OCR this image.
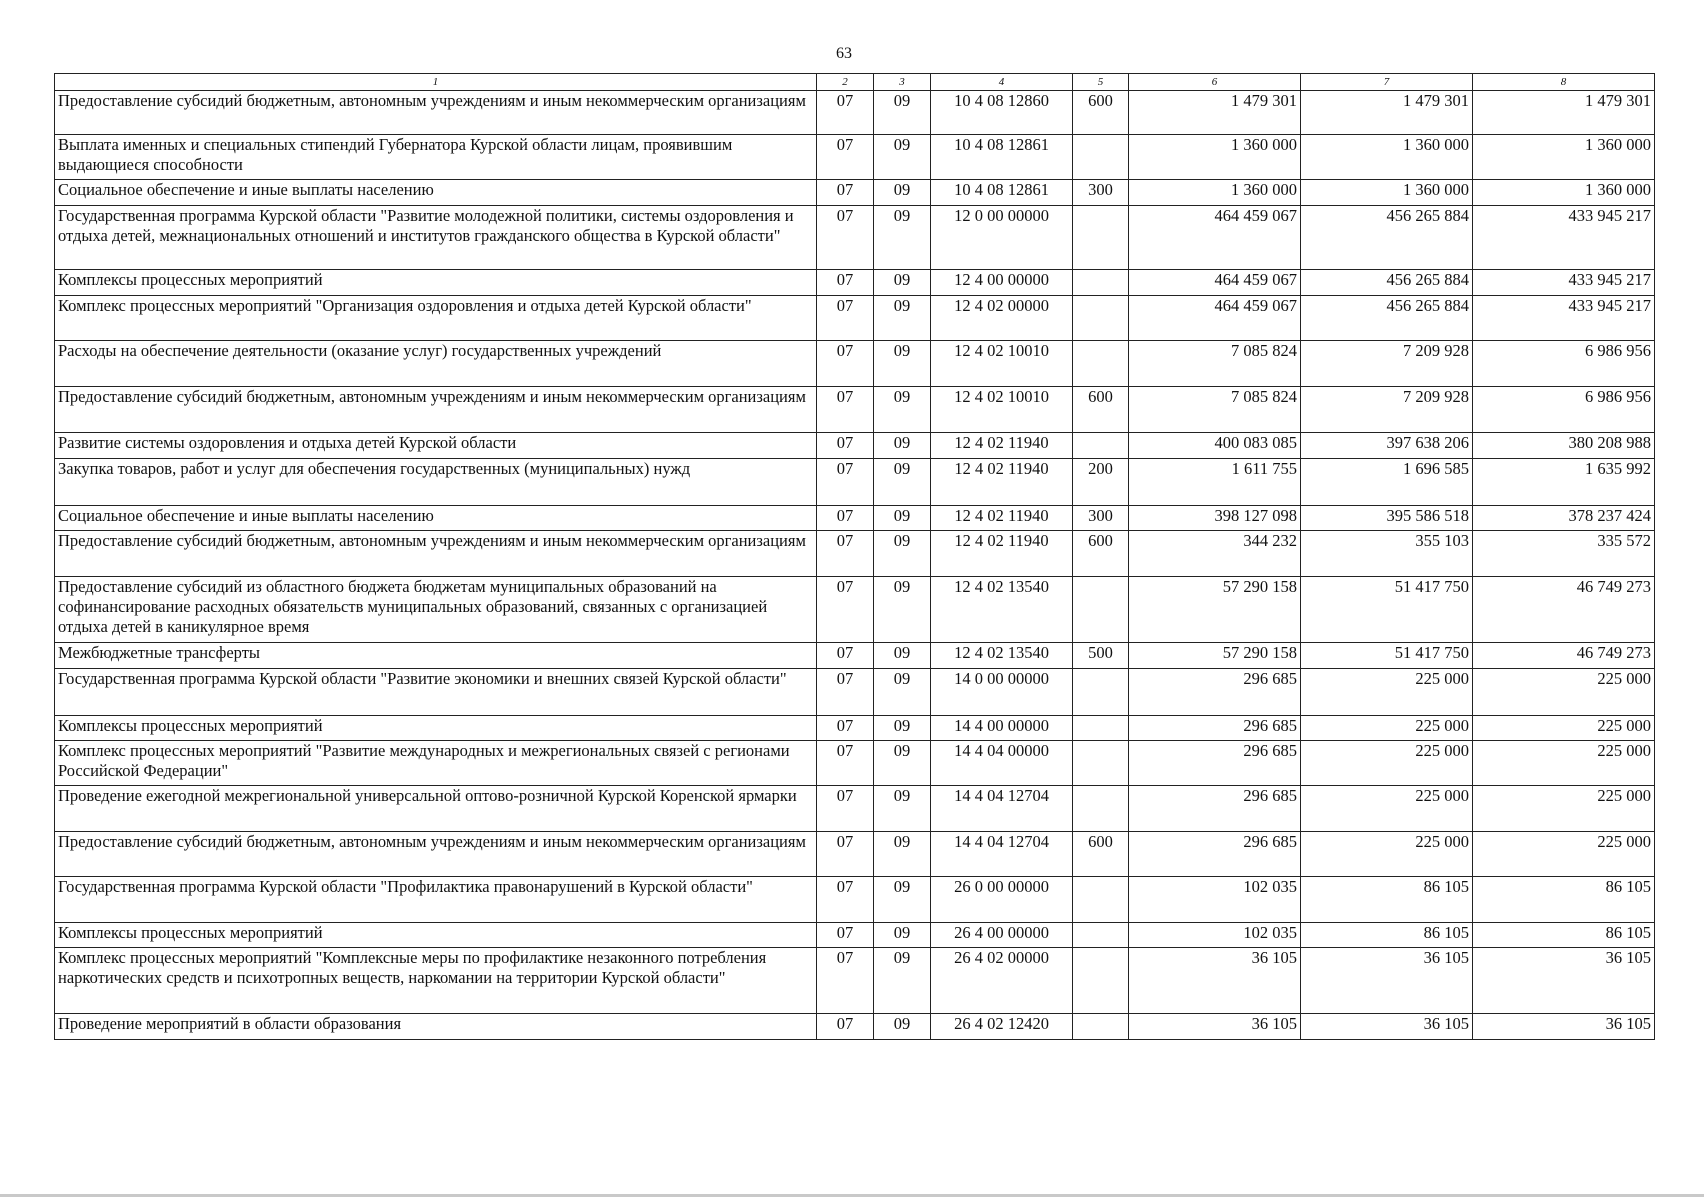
63
1	2	3	4	5	6	7	8
Предоставление субсидий бюджетным, автономным учреждениям и иным некоммерческим организациям	07	09	10 4 08 12860	600	1 479 301	1 479 301	1 479 301
Выплата именных и специальных стипендий Губернатора Курской области лицам, проявившим выдающиеся способности	07	09	10 4 08 12861		1 360 000	1 360 000	1 360 000
Социальное обеспечение и иные выплаты населению	07	09	10 4 08 12861	300	1 360 000	1 360 000	1 360 000
Государственная программа Курской области "Развитие молодежной политики, системы оздоровления и отдыха детей, межнациональных отношений и институтов гражданского общества в Курской области"	07	09	12 0 00 00000		464 459 067	456 265 884	433 945 217
Комплексы процессных мероприятий	07	09	12 4 00 00000		464 459 067	456 265 884	433 945 217
Комплекс процессных мероприятий "Организация оздоровления и отдыха детей Курской области"	07	09	12 4 02 00000		464 459 067	456 265 884	433 945 217
Расходы на обеспечение деятельности (оказание услуг) государственных учреждений	07	09	12 4 02 10010		7 085 824	7 209 928	6 986 956
Предоставление субсидий бюджетным, автономным учреждениям и иным некоммерческим организациям	07	09	12 4 02 10010	600	7 085 824	7 209 928	6 986 956
Развитие системы оздоровления и отдыха детей Курской области	07	09	12 4 02 11940		400 083 085	397 638 206	380 208 988
Закупка товаров, работ и услуг для обеспечения государственных (муниципальных) нужд	07	09	12 4 02 11940	200	1 611 755	1 696 585	1 635 992
Социальное обеспечение и иные выплаты населению	07	09	12 4 02 11940	300	398 127 098	395 586 518	378 237 424
Предоставление субсидий бюджетным, автономным учреждениям и иным некоммерческим организациям	07	09	12 4 02 11940	600	344 232	355 103	335 572
Предоставление субсидий из областного бюджета бюджетам муниципальных образований на софинансирование расходных обязательств муниципальных образований, связанных с организацией отдыха детей в каникулярное время	07	09	12 4 02 13540		57 290 158	51 417 750	46 749 273
Межбюджетные трансферты	07	09	12 4 02 13540	500	57 290 158	51 417 750	46 749 273
Государственная программа Курской области "Развитие экономики и внешних связей Курской области"	07	09	14 0 00 00000		296 685	225 000	225 000
Комплексы процессных мероприятий	07	09	14 4 00 00000		296 685	225 000	225 000
Комплекс процессных мероприятий "Развитие международных и межрегиональных связей с регионами Российской Федерации"	07	09	14 4 04 00000		296 685	225 000	225 000
Проведение ежегодной межрегиональной универсальной оптово-розничной Курской Коренской ярмарки	07	09	14 4 04 12704		296 685	225 000	225 000
Предоставление субсидий бюджетным, автономным учреждениям и иным некоммерческим организациям	07	09	14 4 04 12704	600	296 685	225 000	225 000
Государственная программа Курской области "Профилактика правонарушений в Курской области"	07	09	26 0 00 00000		102 035	86 105	86 105
Комплексы процессных мероприятий	07	09	26 4 00 00000		102 035	86 105	86 105
Комплекс процессных мероприятий "Комплексные меры по профилактике незаконного потребления наркотических средств и психотропных веществ, наркомании на территории Курской области"	07	09	26 4 02 00000		36 105	36 105	36 105
Проведение мероприятий в области образования	07	09	26 4 02 12420		36 105	36 105	36 105
